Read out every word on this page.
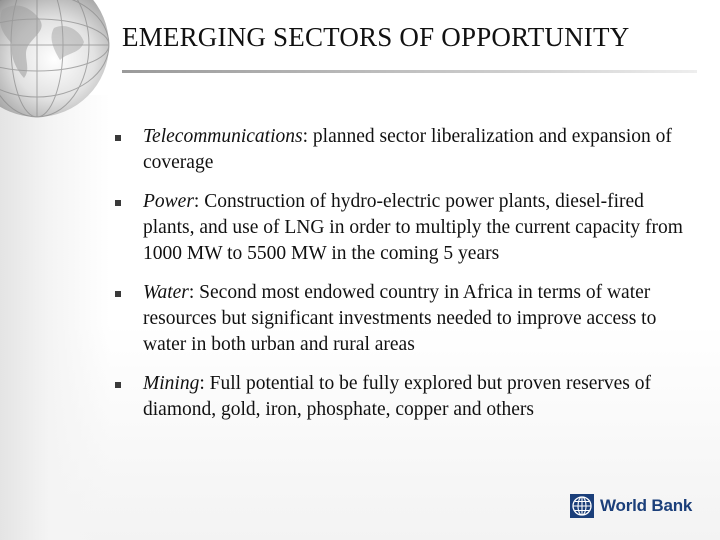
EMERGING SECTORS OF OPPORTUNITY
Telecommunications: planned sector liberalization and expansion of coverage
Power: Construction of hydro-electric power plants, diesel-fired plants, and use of LNG in order to multiply the current capacity from 1000 MW to 5500 MW in the coming 5 years
Water: Second most endowed country in Africa in terms of water resources but significant investments needed to improve access to water in both urban and rural areas
Mining: Full potential to be fully explored but proven reserves of diamond, gold, iron, phosphate, copper and others
World Bank
